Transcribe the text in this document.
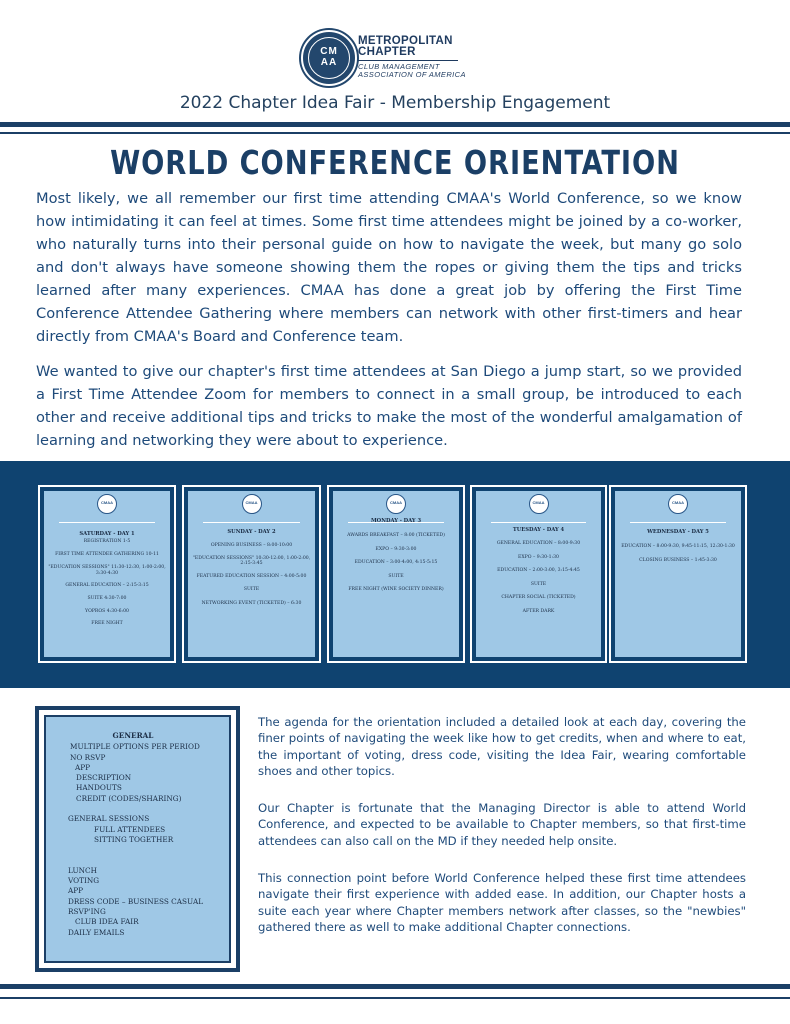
CM
AA
METROPOLITAN
CHAPTER
CLUB MANAGEMENT
ASSOCIATION OF AMERICA
2022 Chapter Idea Fair - Membership Engagement
WORLD CONFERENCE ORIENTATION
Most likely, we all remember our first time attending CMAA's World Conference, so we know how intimidating it can feel at times. Some first time attendees might be joined by a co-worker, who naturally turns into their personal guide on how to navigate the week, but many go solo and don't always have someone showing them the ropes or giving them the tips and tricks learned after many experiences. CMAA has done a great job by offering the First Time Conference Attendee Gathering where members can network with other first-timers and hear directly from CMAA's Board and Conference team.
We wanted to give our chapter's first time attendees at San Diego a jump start, so we provided a First Time Attendee Zoom for members to connect in a small group, be introduced to each other and receive additional tips and tricks to make the most of the wonderful amalgamation of learning and networking they were about to experience.
CMAA
SATURDAY - DAY 1
REGISTRATION 1-5
FIRST TIME ATTENDEE GATHERING 10-11
"EDUCATION SESSIONS" 11:30-12:30, 1:00-2:00, 3:30-4:30
GENERAL EDUCATION – 2:15-3:15
SUITE 4:30-7:00
YOPROS 4:30-6:00
FREE NIGHT
CMAA
SUNDAY - DAY 2
OPENING BUSINESS – 8:00-10:00
"EDUCATION SESSIONS" 10:30-12:00, 1:00-2:00, 2:15-3:45
FEATURED EDUCATION SESSION – 4:00-5:00
SUITE
NETWORKING EVENT (TICKETED) – 6:30
CMAA
MONDAY - DAY 3
AWARDS BREAKFAST – 8:00 (TICKETED)
EXPO – 9:30-3:00
EDUCATION – 3:00-4:00, 4:15-5:15
SUITE
FREE NIGHT (WINE SOCIETY DINNER)
CMAA
TUESDAY - DAY 4
GENERAL EDUCATION – 8:00-9:30
EXPO – 9:30-1:30
EDUCATION – 2:00-3:00, 3:15-4:45
SUITE
CHAPTER SOCIAL (TICKETED)
AFTER DARK
CMAA
WEDNESDAY - DAY 5
EDUCATION – 8:00-9:30, 9:45-11:15, 12:30-1:30
CLOSING BUSINESS – 1:45-3:30
GENERAL
MULTIPLE OPTIONS PER PERIOD
NO RSVP
APP
DESCRIPTION
HANDOUTS
CREDIT (CODES/SHARING)
GENERAL SESSIONS
FULL ATTENDEES
SITTING TOGETHER
LUNCH
VOTING
APP
DRESS CODE – BUSINESS CASUAL
RSVP'ING
CLUB IDEA FAIR
DAILY EMAILS
The agenda for the orientation included a detailed look at each day, covering the finer points of navigating the week like how to get credits, when and where to eat, the important of voting, dress code, visiting the Idea Fair, wearing comfortable shoes and other topics.
Our Chapter is fortunate that the Managing Director is able to attend World Conference, and expected to be available to Chapter members, so that first-time attendees can also call on the MD if they needed help onsite.
This connection point before World Conference helped these first time attendees navigate their first experience with added ease. In addition, our Chapter hosts a suite each year where Chapter members network after classes, so the "newbies" gathered there as well to make additional Chapter connections.
